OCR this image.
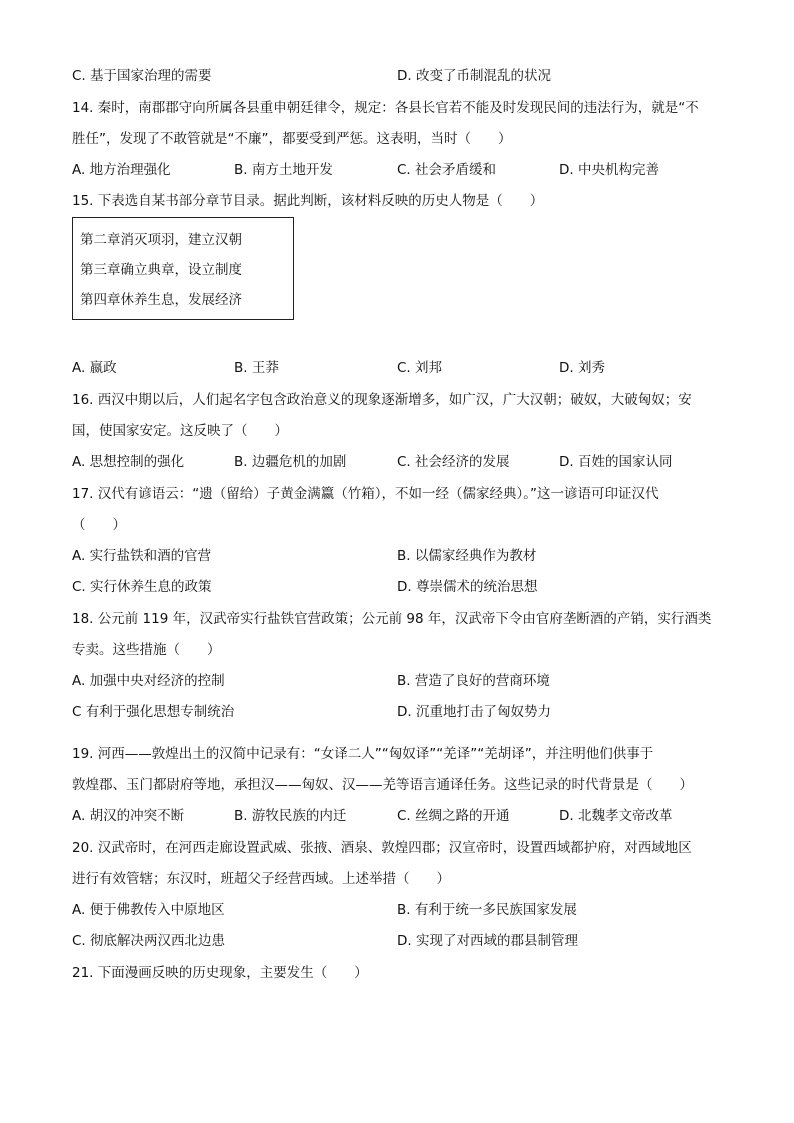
C. 基于国家治理的需要	D. 改变了币制混乱的状况
14. 秦时，南郡郡守向所属各县重申朝廷律令，规定：各县长官若不能及时发现民间的违法行为，就是“不
胜任”，发现了不敢管就是“不廉”，都要受到严惩。这表明，当时（　　）
A. 地方治理强化	B. 南方土地开发	C. 社会矛盾缓和	D. 中央机构完善
15. 下表选自某书部分章节目录。据此判断，该材料反映的历史人物是（　　）
第二章消灭项羽，建立汉朝
第三章确立典章，设立制度
第四章休养生息，发展经济
A. 嬴政	B. 王莽	C. 刘邦	D. 刘秀
16. 西汉中期以后，人们起名字包含政治意义的现象逐渐增多，如广汉，广大汉朝；破奴，大破匈奴；安
国，使国家安定。这反映了（　　）
A. 思想控制的强化	B. 边疆危机的加剧	C. 社会经济的发展	D. 百姓的国家认同
17. 汉代有谚语云：“遗（留给）子黄金满籝（竹箱），不如一经（儒家经典）。”这一谚语可印证汉代
（　　）
A. 实行盐铁和酒的官营	B. 以儒家经典作为教材
C. 实行休养生息的政策	D. 尊崇儒术的统治思想
18. 公元前 119 年，汉武帝实行盐铁官营政策；公元前 98 年，汉武帝下令由官府垄断酒的产销，实行酒类
专卖。这些措施（　　）
A. 加强中央对经济的控制	B. 营造了良好的营商环境
C 有利于强化思想专制统治	D. 沉重地打击了匈奴势力
19. 河西——敦煌出土的汉简中记录有：“女译二人”“匈奴译”“羌译”“羌胡译”，并注明他们供事于
敦煌郡、玉门都尉府等地，承担汉——匈奴、汉——羌等语言通译任务。这些记录的时代背景是（　　）
A. 胡汉的冲突不断	B. 游牧民族的内迁	C. 丝绸之路的开通	D. 北魏孝文帝改革
20. 汉武帝时，在河西走廊设置武威、张掖、酒泉、敦煌四郡；汉宣帝时，设置西域都护府，对西域地区
进行有效管辖；东汉时，班超父子经营西域。上述举措（　　）
A. 便于佛教传入中原地区	B. 有利于统一多民族国家发展
C. 彻底解决两汉西北边患	D. 实现了对西域的郡县制管理
21. 下面漫画反映的历史现象，主要发生（　　）
